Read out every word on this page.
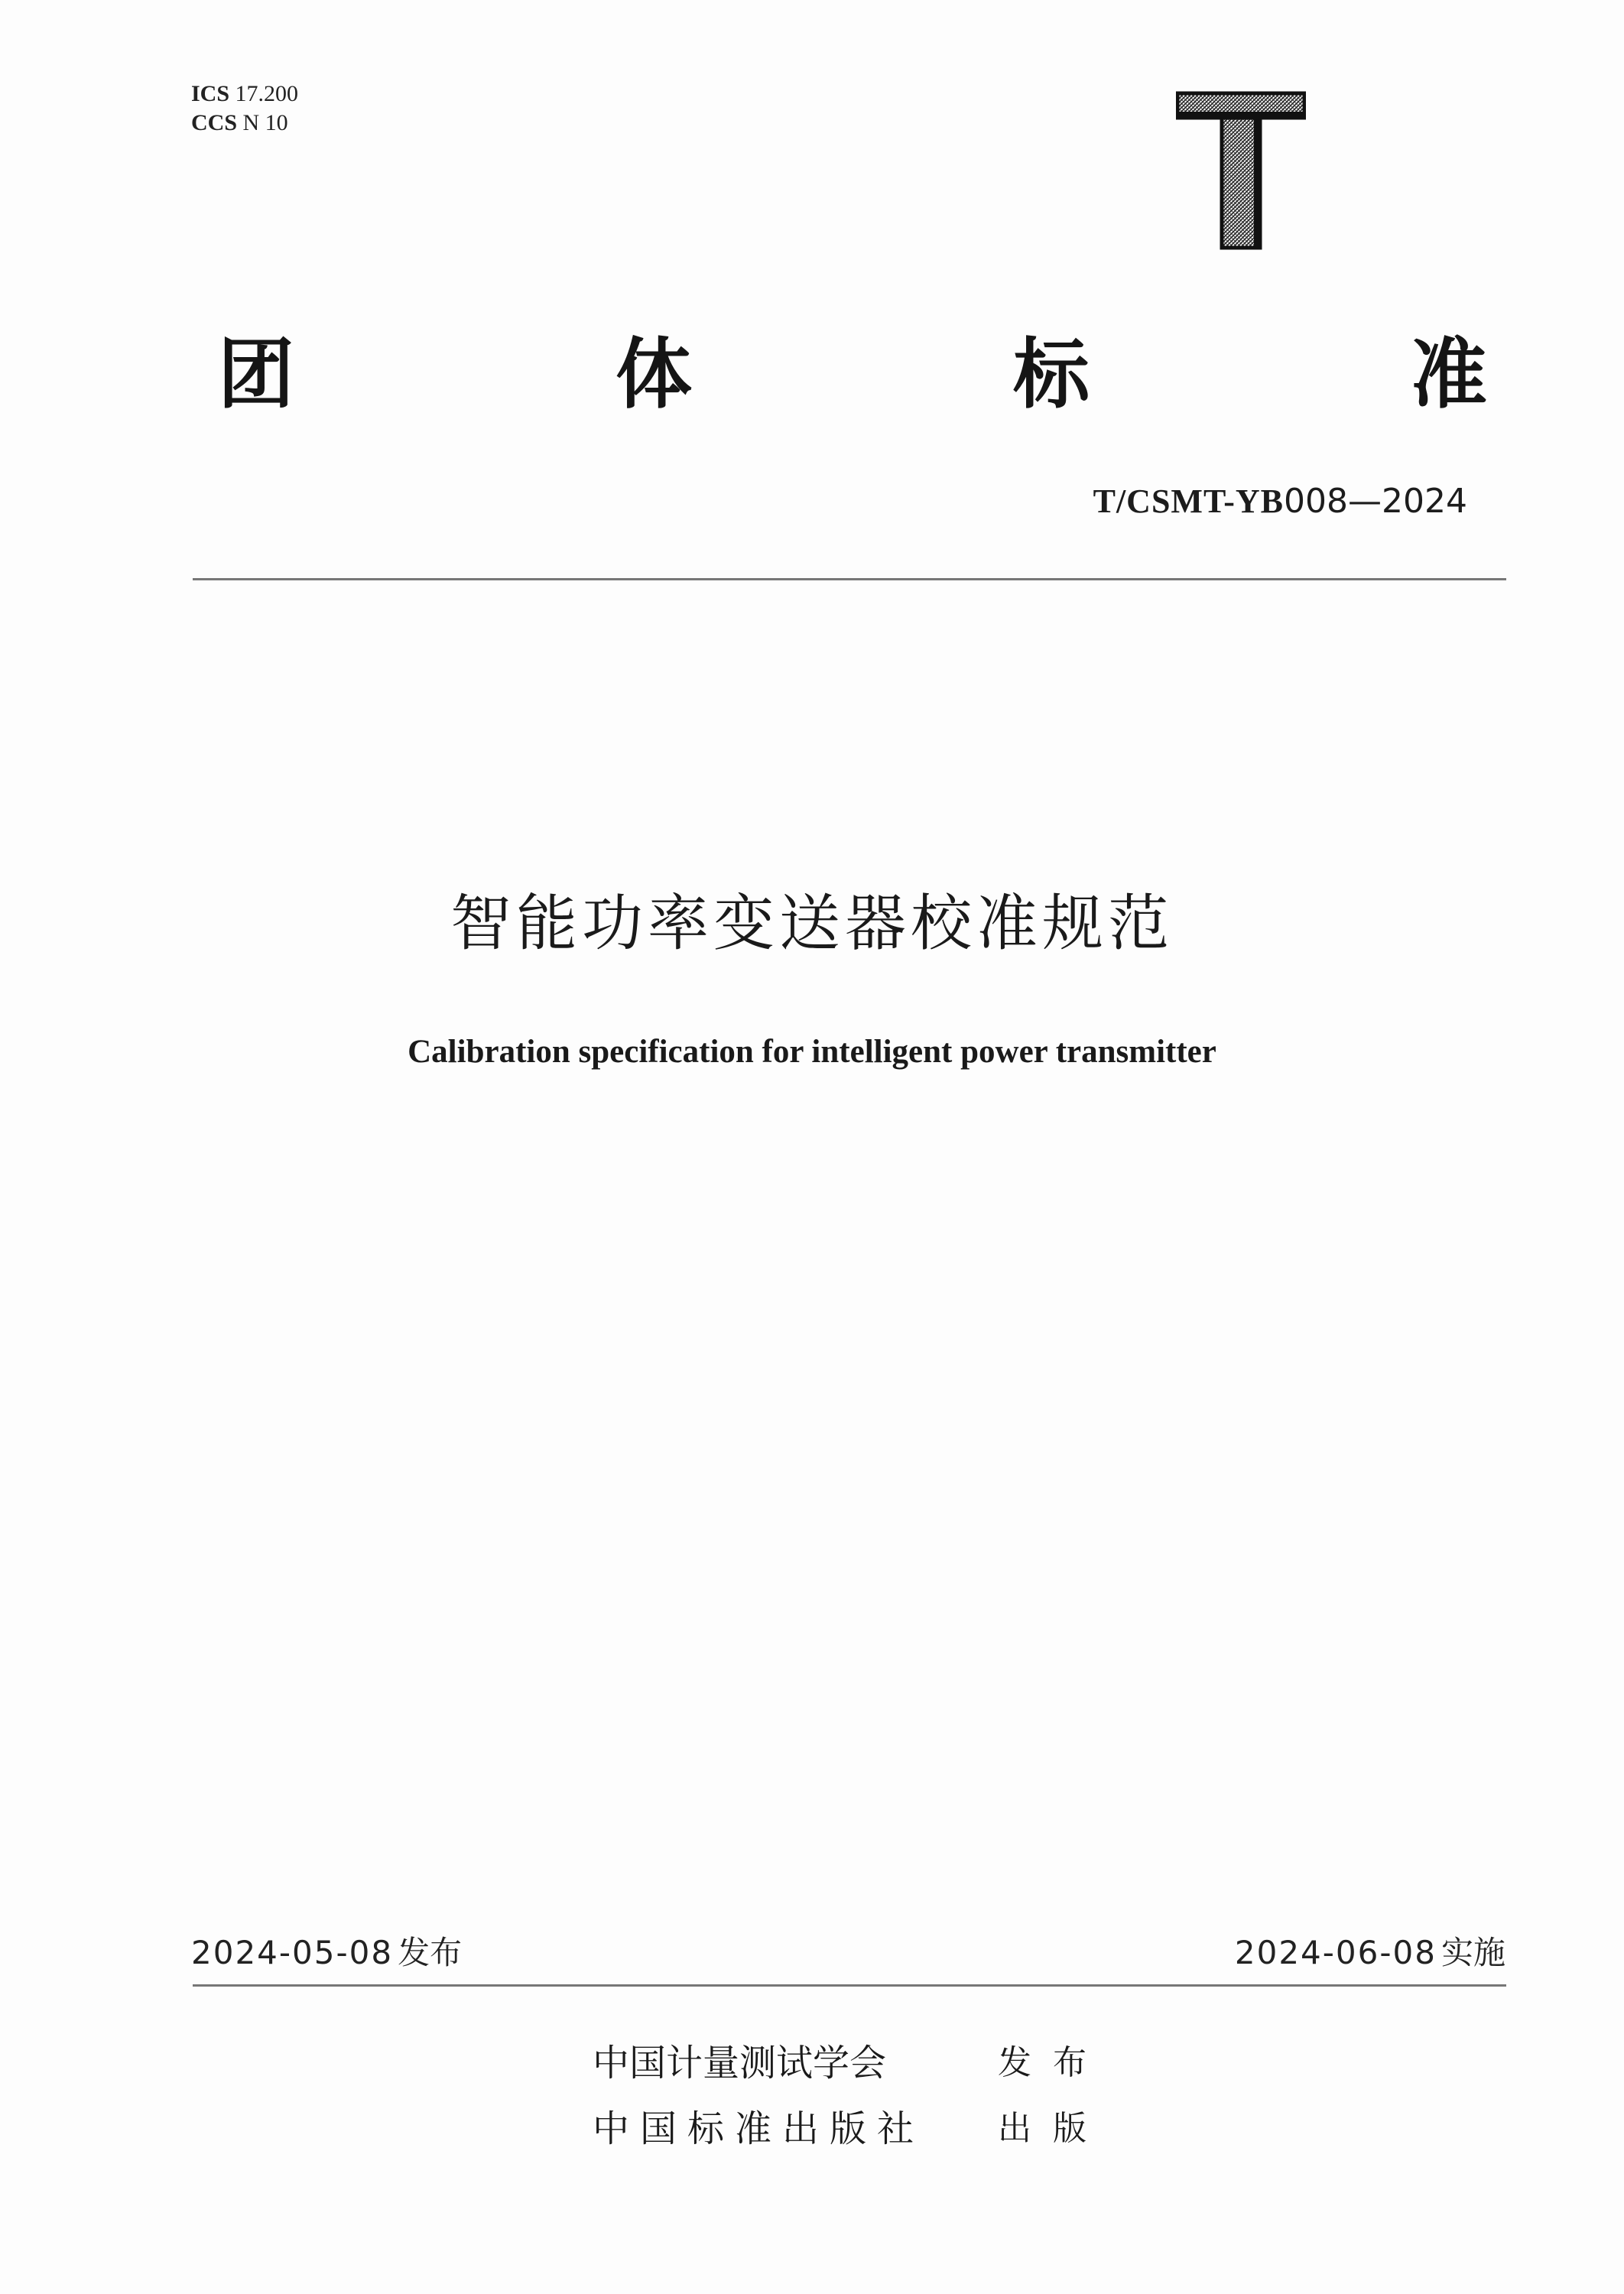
ICS 17.200
CCS N 10
团	体	标	准
T/CSMT-YB008—2024
智能功率变送器校准规范
Calibration specification for intelligent power transmitter
2024-05-08 发布	2024-06-08 实施
中国计量测试学会	发布
中国标准出版社	出版
